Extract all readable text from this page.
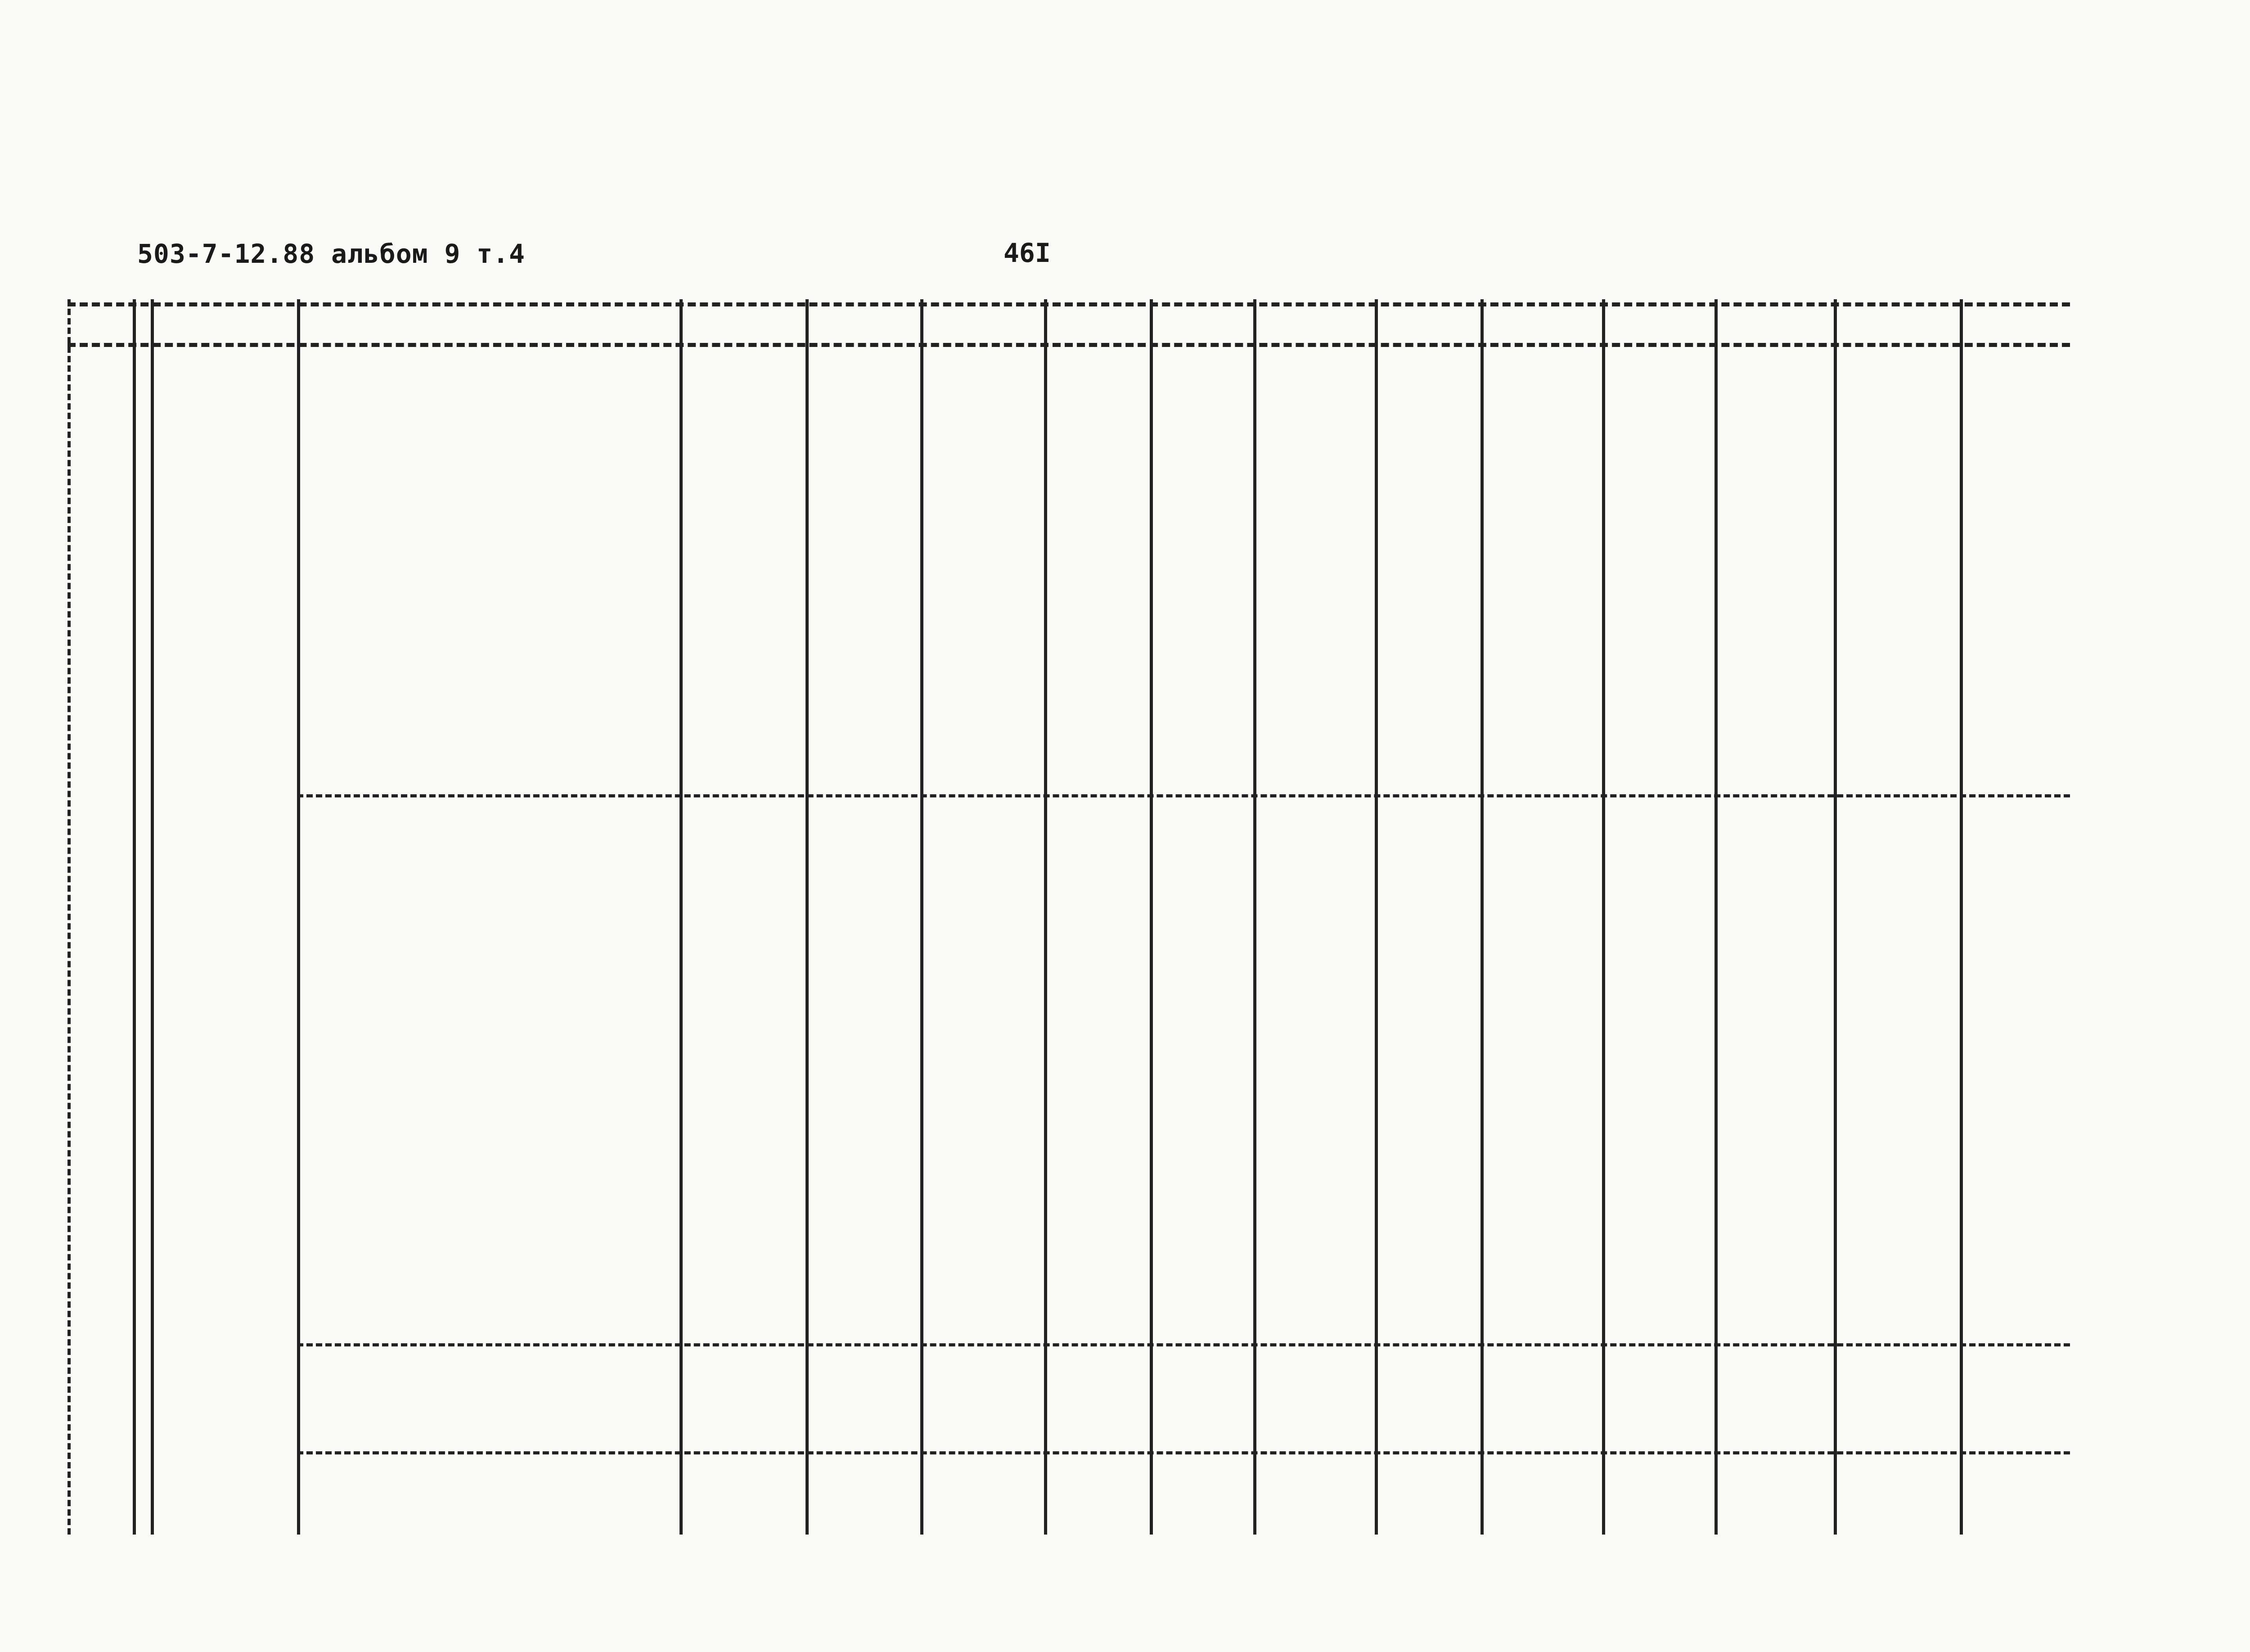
503-7-12.88 альбом 9 т.4	46I
